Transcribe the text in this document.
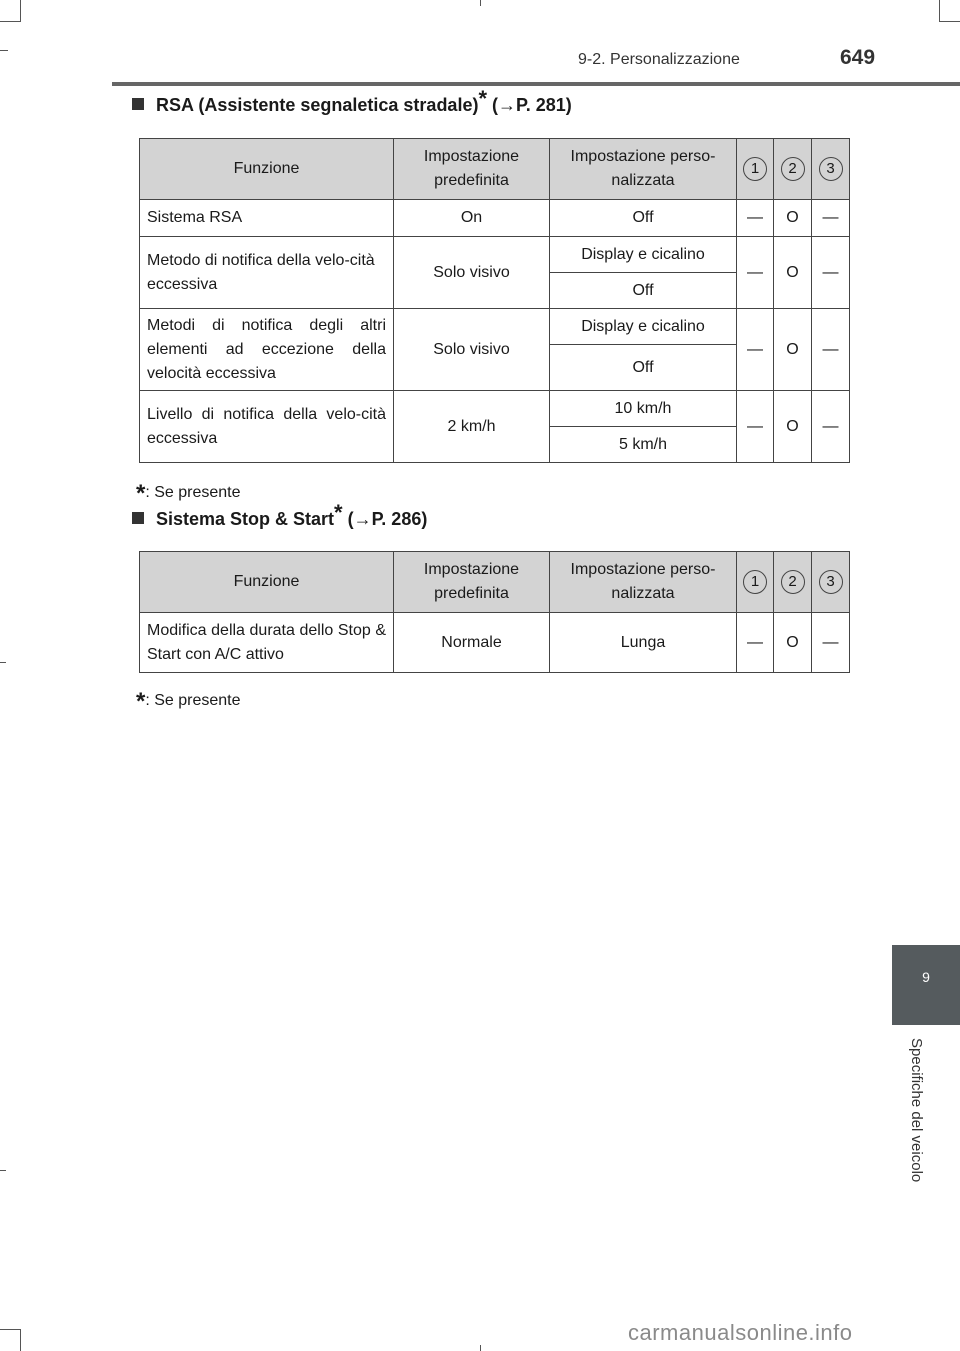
9-2. Personalizzazione	649
RSA (Assistente segnaletica stradale)* (→P. 281)
Funzione	Impostazione predefinita	Impostazione perso-nalizzata	1	2	3
Sistema RSA	On	Off	—	O	—
Metodo di notifica della velo-cità eccessiva	Solo visivo	Display e cicalino	—	O	—
		Off			
Metodi di notifica degli altri elementi ad eccezione della velocità eccessiva	Solo visivo	Display e cicalino	—	O	—
		Off			
Livello di notifica della velo-cità eccessiva	2 km/h	10 km/h	—	O	—
		5 km/h			
*: Se presente
Sistema Stop & Start* (→P. 286)
Funzione	Impostazione predefinita	Impostazione perso-nalizzata	1	2	3
Modifica della durata dello Stop & Start con A/C attivo	Normale	Lunga	—	O	—
*: Se presente
9
Specifiche del veicolo
carmanualsonline.info
